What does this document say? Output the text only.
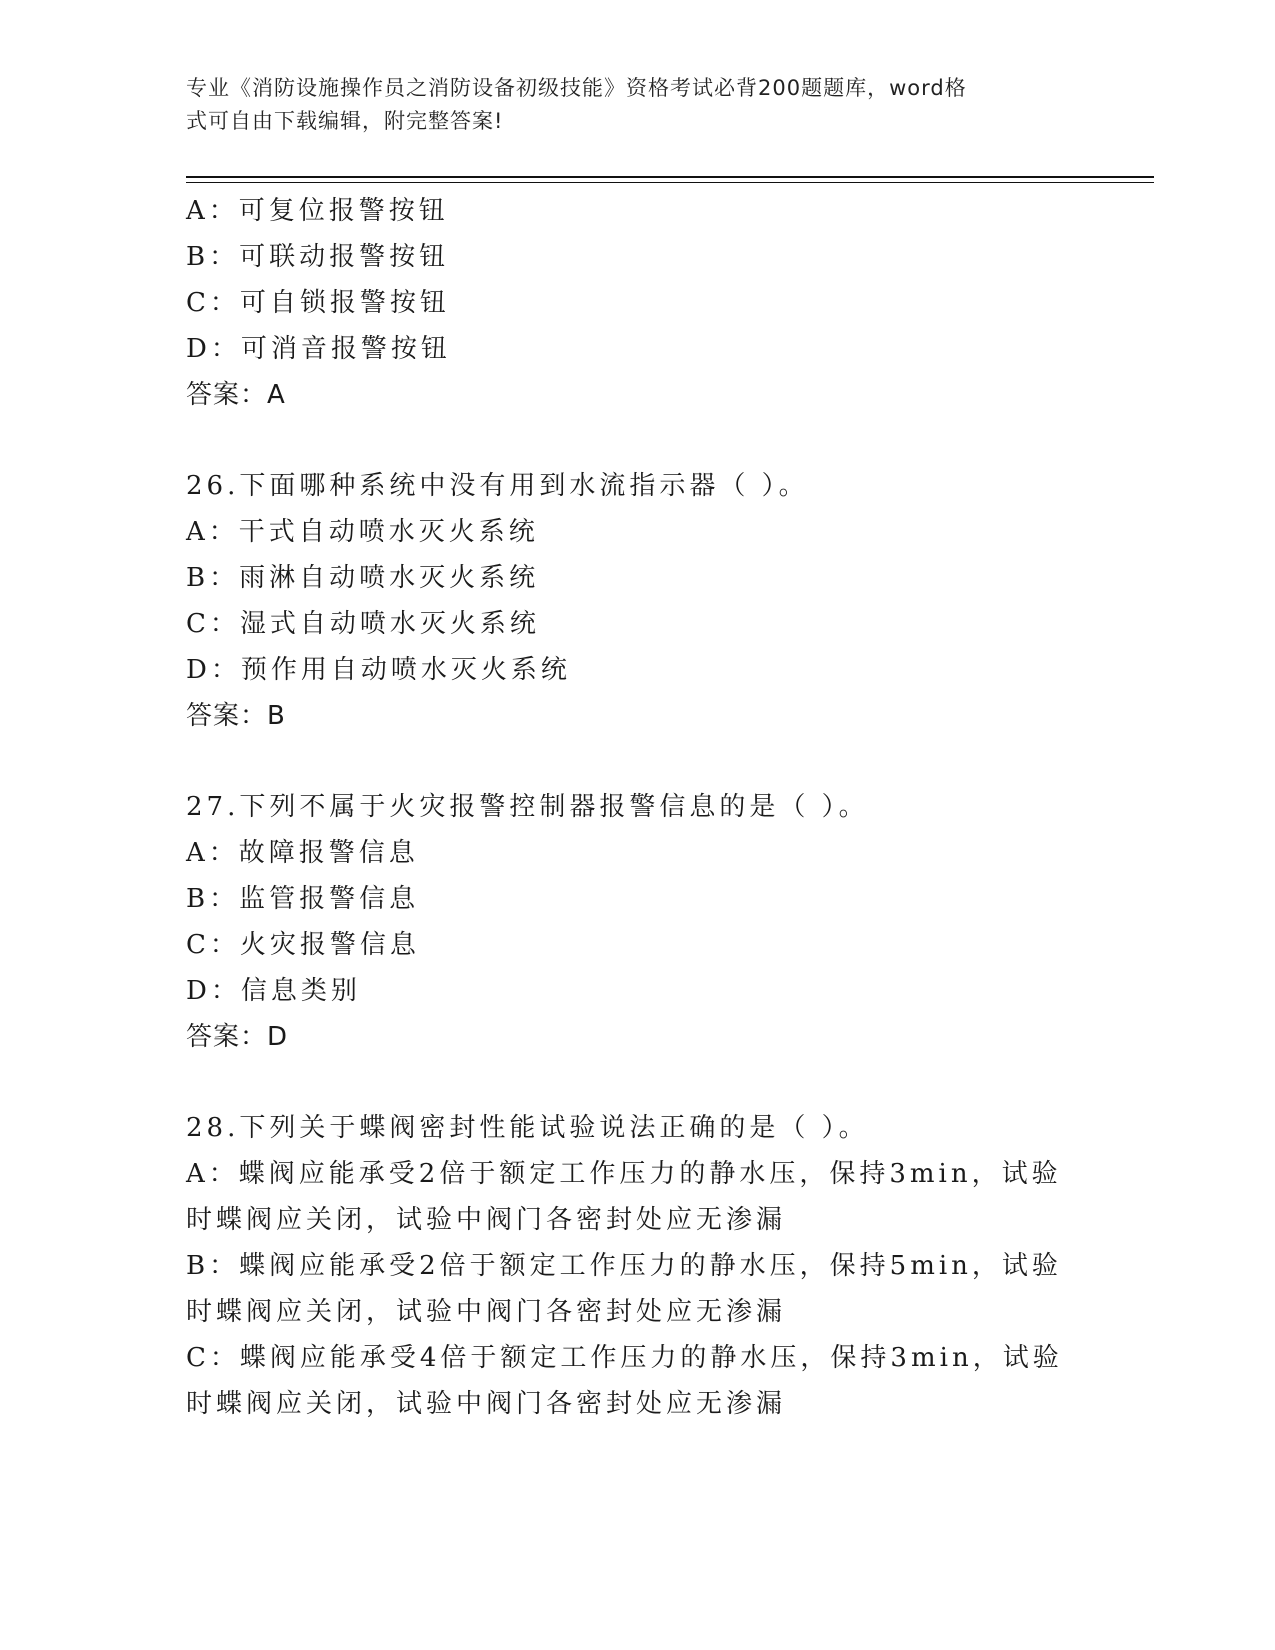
专业《消防设施操作员之消防设备初级技能》资格考试必背200题题库，word格
式可自由下载编辑，附完整答案!
A：可复位报警按钮
B：可联动报警按钮
C：可自锁报警按钮
D：可消音报警按钮
答案：A
26.下面哪种系统中没有用到水流指示器（ ）。
A：干式自动喷水灭火系统
B：雨淋自动喷水灭火系统
C：湿式自动喷水灭火系统
D：预作用自动喷水灭火系统
答案：B
27.下列不属于火灾报警控制器报警信息的是（ ）。
A：故障报警信息
B：监管报警信息
C：火灾报警信息
D：信息类别
答案：D
28.下列关于蝶阀密封性能试验说法正确的是（ ）。
A：蝶阀应能承受2倍于额定工作压力的静水压，保持3min，试验时蝶阀应关闭，试验中阀门各密封处应无渗漏
B：蝶阀应能承受2倍于额定工作压力的静水压，保持5min，试验时蝶阀应关闭，试验中阀门各密封处应无渗漏
C：蝶阀应能承受4倍于额定工作压力的静水压，保持3min，试验时蝶阀应关闭，试验中阀门各密封处应无渗漏
